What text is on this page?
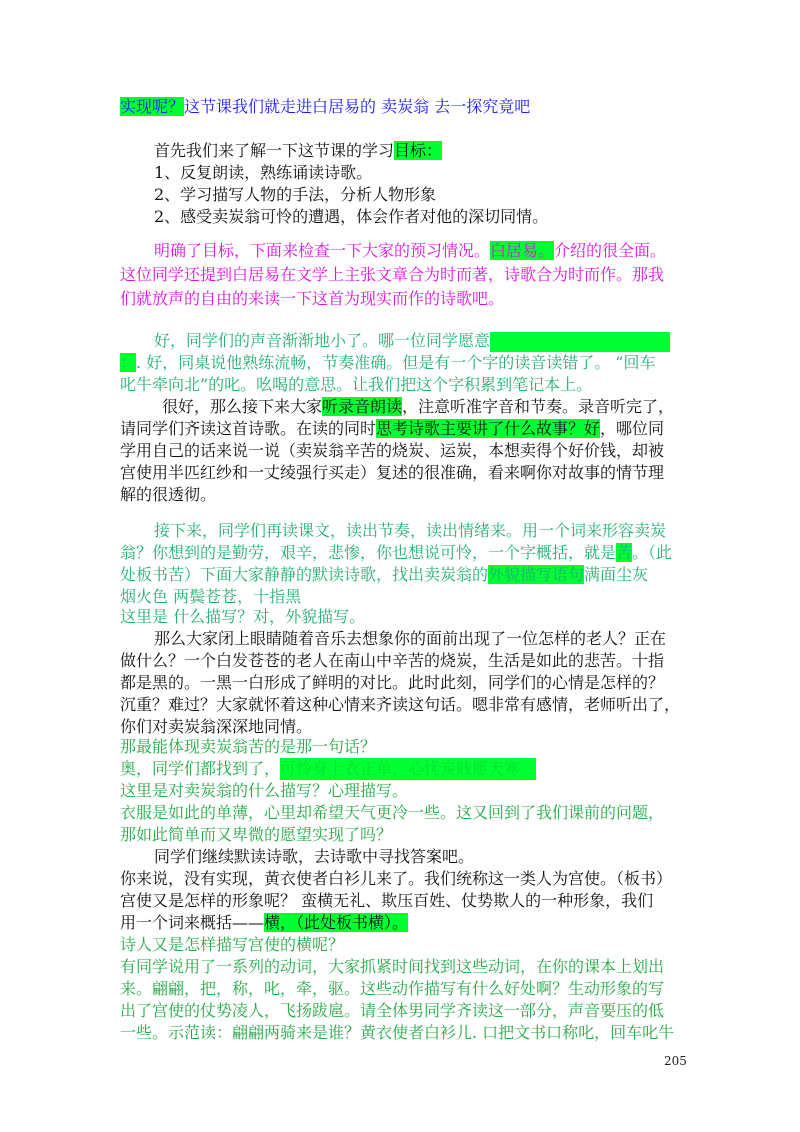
实现呢？这节课我们就走进白居易的 卖炭翁 去一探究竟吧
首先我们来了解一下这节课的学习目标：
1、反复朗读，熟练诵读诗歌。
2、学习描写人物的手法，分析人物形象
2、感受卖炭翁可怜的遭遇，体会作者对他的深切同情。
明确了目标，下面来检查一下大家的预习情况。白居易。介绍的很全面。
这位同学还提到白居易在文学上主张文章合为时而著，诗歌合为时而作。那我
们就放声的自由的来读一下这首为现实而作的诗歌吧。
好，同学们的声音渐渐地小了。哪一位同学愿意
：. 好，同桌说他熟练流畅，节奏准确。但是有一个字的读音读错了。 “回车
叱牛牵向北”的叱。吆喝的意思。让我们把这个字积累到笔记本上。
很好，那么接下来大家听录音朗读，注意听准字音和节奏。录音听完了，
请同学们齐读这首诗歌。在读的同时思考诗歌主要讲了什么故事？好，哪位同
学用自己的话来说一说（卖炭翁辛苦的烧炭、运炭，本想卖得个好价钱，却被
宫使用半匹红纱和一丈绫强行买走）复述的很准确，看来啊你对故事的情节理
解的很透彻。
接下来，同学们再读课文，读出节奏，读出情绪来。用一个词来形容卖炭
翁？你想到的是勤劳，艰辛，悲惨，你也想说可怜，一个字概括，就是苦。（此
处板书苦）下面大家静静的默读诗歌，找出卖炭翁的外貌描写语句满面尘灰
烟火色 两鬓苍苍，十指黑
这里是 什么描写？对，外貌描写。
那么大家闭上眼睛随着音乐去想象你的面前出现了一位怎样的老人？正在
做什么？一个白发苍苍的老人在南山中辛苦的烧炭，生活是如此的悲苦。十指
都是黑的。一黑一白形成了鲜明的对比。此时此刻，同学们的心情是怎样的？
沉重？难过？大家就怀着这种心情来齐读这句话。嗯非常有感情，老师听出了，
你们对卖炭翁深深地同情。
那最能体现卖炭翁苦的是那一句话？
奥，同学们都找到了，可怜身上衣正单，心忧炭贱愿天寒
这里是对卖炭翁的什么描写？心理描写。
衣服是如此的单薄，心里却希望天气更冷一些。这又回到了我们课前的问题，
那如此简单而又卑微的愿望实现了吗？
同学们继续默读诗歌，去诗歌中寻找答案吧。
你来说，没有实现，黄衣使者白衫儿来了。我们统称这一类人为宫使。（板书）
宫使又是怎样的形象呢？ 蛮横无礼、欺压百姓、仗势欺人的一种形象，我们
用一个词来概括——横，（此处板书横）。
诗人又是怎样描写宫使的横呢？
有同学说用了一系列的动词，大家抓紧时间找到这些动词，在你的课本上划出
来。翩翩，把，称，叱，牵，驱。这些动作描写有什么好处啊？生动形象的写
出了宫使的仗势凌人，飞扬跋扈。请全体男同学齐读这一部分，声音要压的低
一些。示范读：翩翩两骑来是谁？黄衣使者白衫儿. 口把文书口称叱，回车叱牛
205
